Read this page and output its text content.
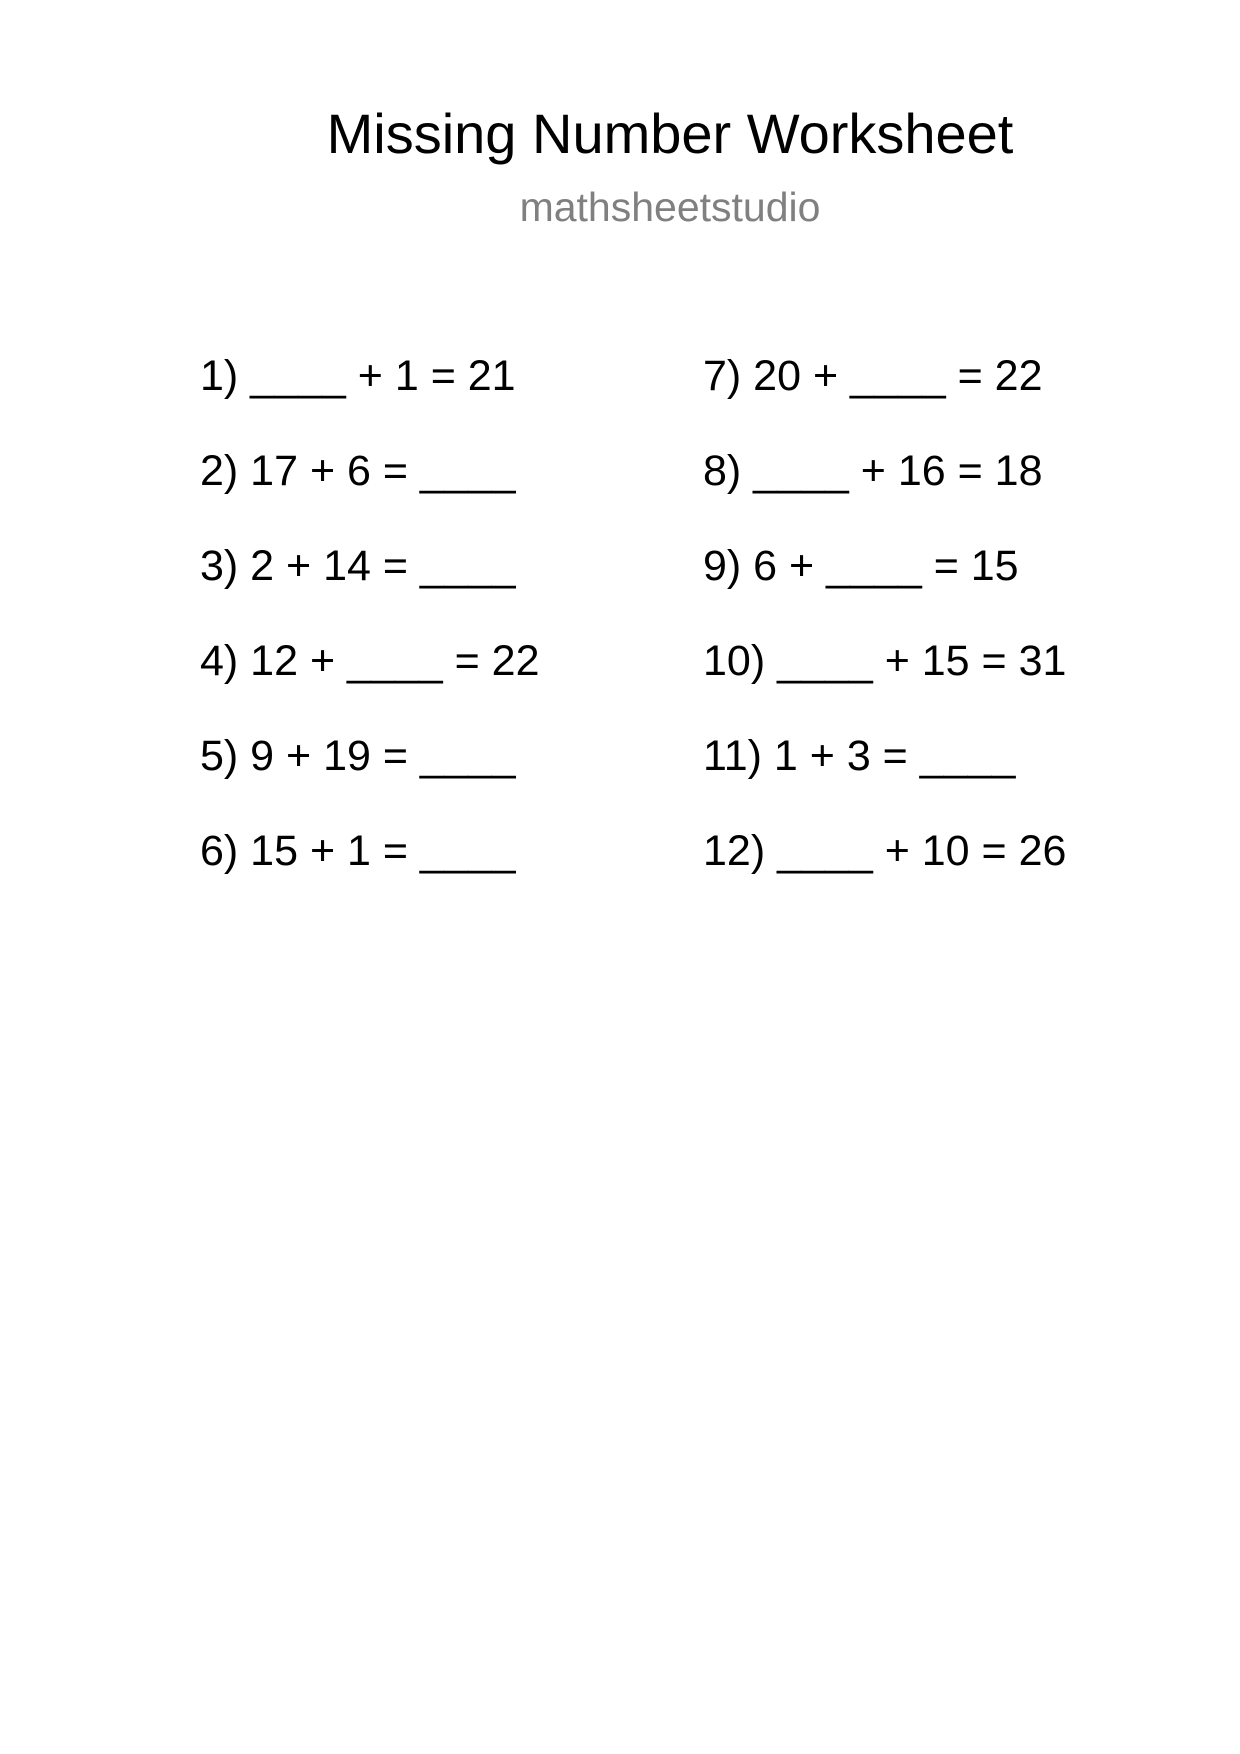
Missing Number Worksheet
mathsheetstudio
1) ____ + 1 = 21
2) 17 + 6 = ____
3) 2 + 14 = ____
4) 12 + ____ = 22
5) 9 + 19 = ____
6) 15 + 1 = ____
7) 20 + ____ = 22
8) ____ + 16 = 18
9) 6 + ____ = 15
10) ____ + 15 = 31
11) 1 + 3 = ____
12) ____ + 10 = 26
